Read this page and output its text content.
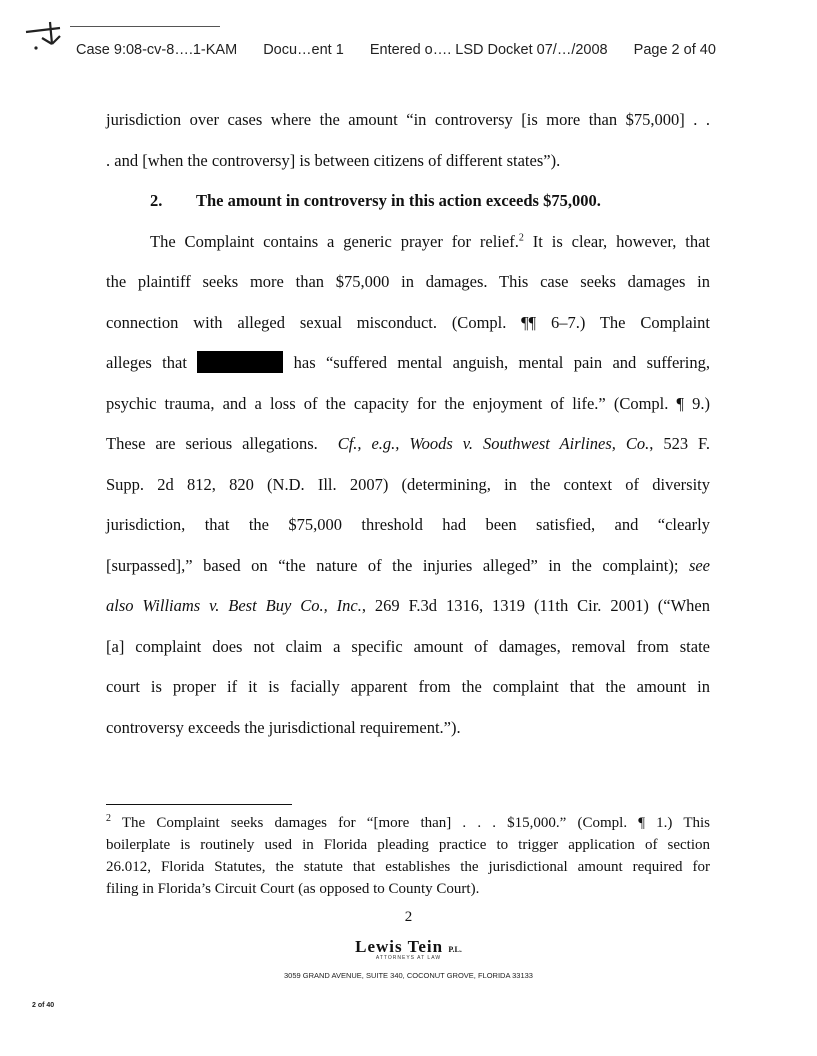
Case 9:08-cv-8….1-KAM Docu…ent 1 Entered o…. LSD Docket 07/…/2008 Page 2 of 40

jurisdiction over cases where the amount “in controversy [is more than $75,000] . .

. and [when the controversy] is between citizens of different states”).

2. The amount in controversy in this action exceeds $75,000.

The Complaint contains a generic prayer for relief.$^2$ It is clear, however, that

the plaintiff seeks more than $75,000 in damages. This case seeks damages in

connection with alleged sexual misconduct. (Compl. ¶¶ 6–7.) The Complaint

alleges that	has “suffered mental anguish, mental pain and suffering,

psychic trauma, and a loss of the capacity for the enjoyment of life.” (Compl. ¶ 9.)

These are serious allegations. Cf., e.g., Woods v. Southwest Airlines, Co., 523 F.

Supp. 2d 812, 820 (N.D. Ill. 2007) (determining, in the context of diversity

jurisdiction, that the $75,000 threshold had been satisfied, and “clearly

[surpassed],” based on “the nature of the injuries alleged” in the complaint); see

also Williams v. Best Buy Co., Inc., 269 F.3d 1316, 1319 (11th Cir. 2001) (“When

[a] complaint does not claim a specific amount of damages, removal from state

court is proper if it is facially apparent from the complaint that the amount in

controversy exceeds the jurisdictional requirement.”).

$^2$ The Complaint seeks damages for “[more than] . . . $15,000.” (Compl. ¶ 1.) This

boilerplate is routinely used in Florida pleading practice to trigger application of section

26.012, Florida Statutes, the statute that establishes the jurisdictional amount required for

filing in Florida’s Circuit Court (as opposed to County Court).

2
Lewis Tein P.L.
ATTORNEYS AT LAW
3059 GRAND AVENUE, SUITE 340, COCONUT GROVE, FLORIDA 33133
2 of 40
